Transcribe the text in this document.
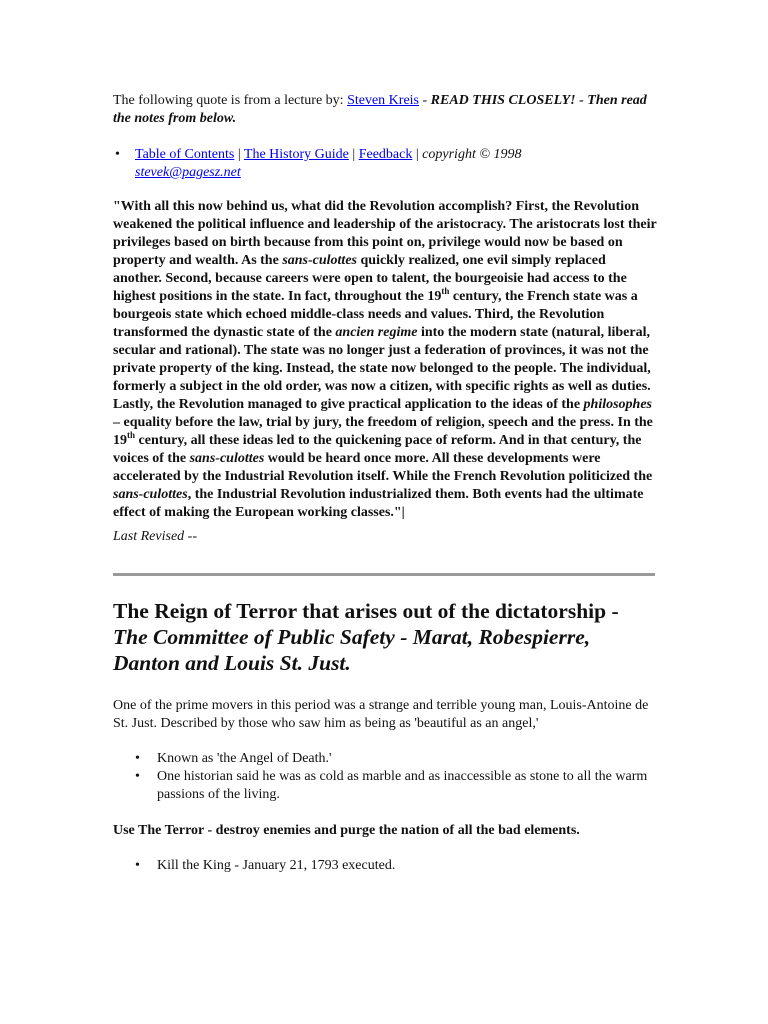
The following quote is from a lecture by: Steven Kreis - READ THIS CLOSELY! - Then read the notes from below.

• Table of Contents | The History Guide | Feedback | copyright © 1998
stevek@pagesz.net

"With all this now behind us, what did the Revolution accomplish? First, the Revolution weakened the political influence and leadership of the aristocracy. The aristocrats lost their privileges based on birth because from this point on, privilege would now be based on property and wealth. As the sans-culottes quickly realized, one evil simply replaced another. Second, because careers were open to talent, the bourgeoisie had access to the highest positions in the state. In fact, throughout the 19th century, the French state was a bourgeois state which echoed middle-class needs and values. Third, the Revolution transformed the dynastic state of the ancien regime into the modern state (natural, liberal, secular and rational). The state was no longer just a federation of provinces, it was not the private property of the king. Instead, the state now belonged to the people. The individual, formerly a subject in the old order, was now a citizen, with specific rights as well as duties. Lastly, the Revolution managed to give practical application to the ideas of the philosophes – equality before the law, trial by jury, the freedom of religion, speech and the press. In the 19th century, all these ideas led to the quickening pace of reform. And in that century, the voices of the sans-culottes would be heard once more. All these developments were accelerated by the Industrial Revolution itself. While the French Revolution politicized the sans-culottes, the Industrial Revolution industrialized them. Both events had the ultimate effect of making the European working classes."|

Last Revised --

The Reign of Terror that arises out of the dictatorship - The Committee of Public Safety - Marat, Robespierre, Danton and Louis St. Just.

One of the prime movers in this period was a strange and terrible young man, Louis-Antoine de St. Just. Described by those who saw him as being as 'beautiful as an angel,'

• Known as 'the Angel of Death.'
• One historian said he was as cold as marble and as inaccessible as stone to all the warm passions of the living.

Use The Terror - destroy enemies and purge the nation of all the bad elements.

• Kill the King - January 21, 1793 executed.
